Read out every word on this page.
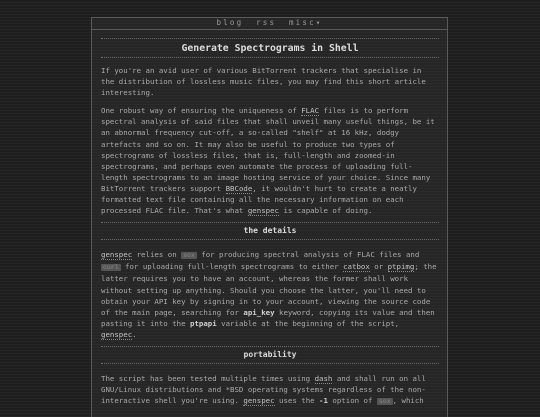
blog rss misc▾
Generate Spectrograms in Shell

If you're an avid user of various BitTorrent trackers that specialise in the distribution of lossless music files, you may find this short article interesting.

One robust way of ensuring the uniqueness of FLAC files is to perform spectral analysis of said files that shall unveil many useful things, be it an abnormal frequency cut-off, a so-called "shelf" at 16 kHz, dodgy artefacts and so on. It may also be useful to produce two types of spectrograms of lossless files, that is, full-length and zoomed-in spectrograms, and perhaps even automate the process of uploading full-length spectrograms to an image hosting service of your choice. Since many BitTorrent trackers support BBCode, it wouldn't hurt to create a neatly formatted text file containing all the necessary information on each processed FLAC file. That's what genspec is capable of doing.

the details

genspec relies on sox for producing spectral analysis of FLAC files and curl for uploading full-length spectrograms to either catbox or ptpimg; the latter requires you to have an account, whereas the former shall work without setting up anything. Should you choose the latter, you'll need to obtain your API key by signing in to your account, viewing the source code of the main page, searching for api_key keyword, copying its value and then pasting it into the ptpapi variable at the beginning of the script, genspec.

portability

The script has been tested multiple times using dash and shall run on all GNU/Linux distributions and *BSD operating systems regardless of the non-interactive shell you're using. genspec uses the -1 option of sox , which
